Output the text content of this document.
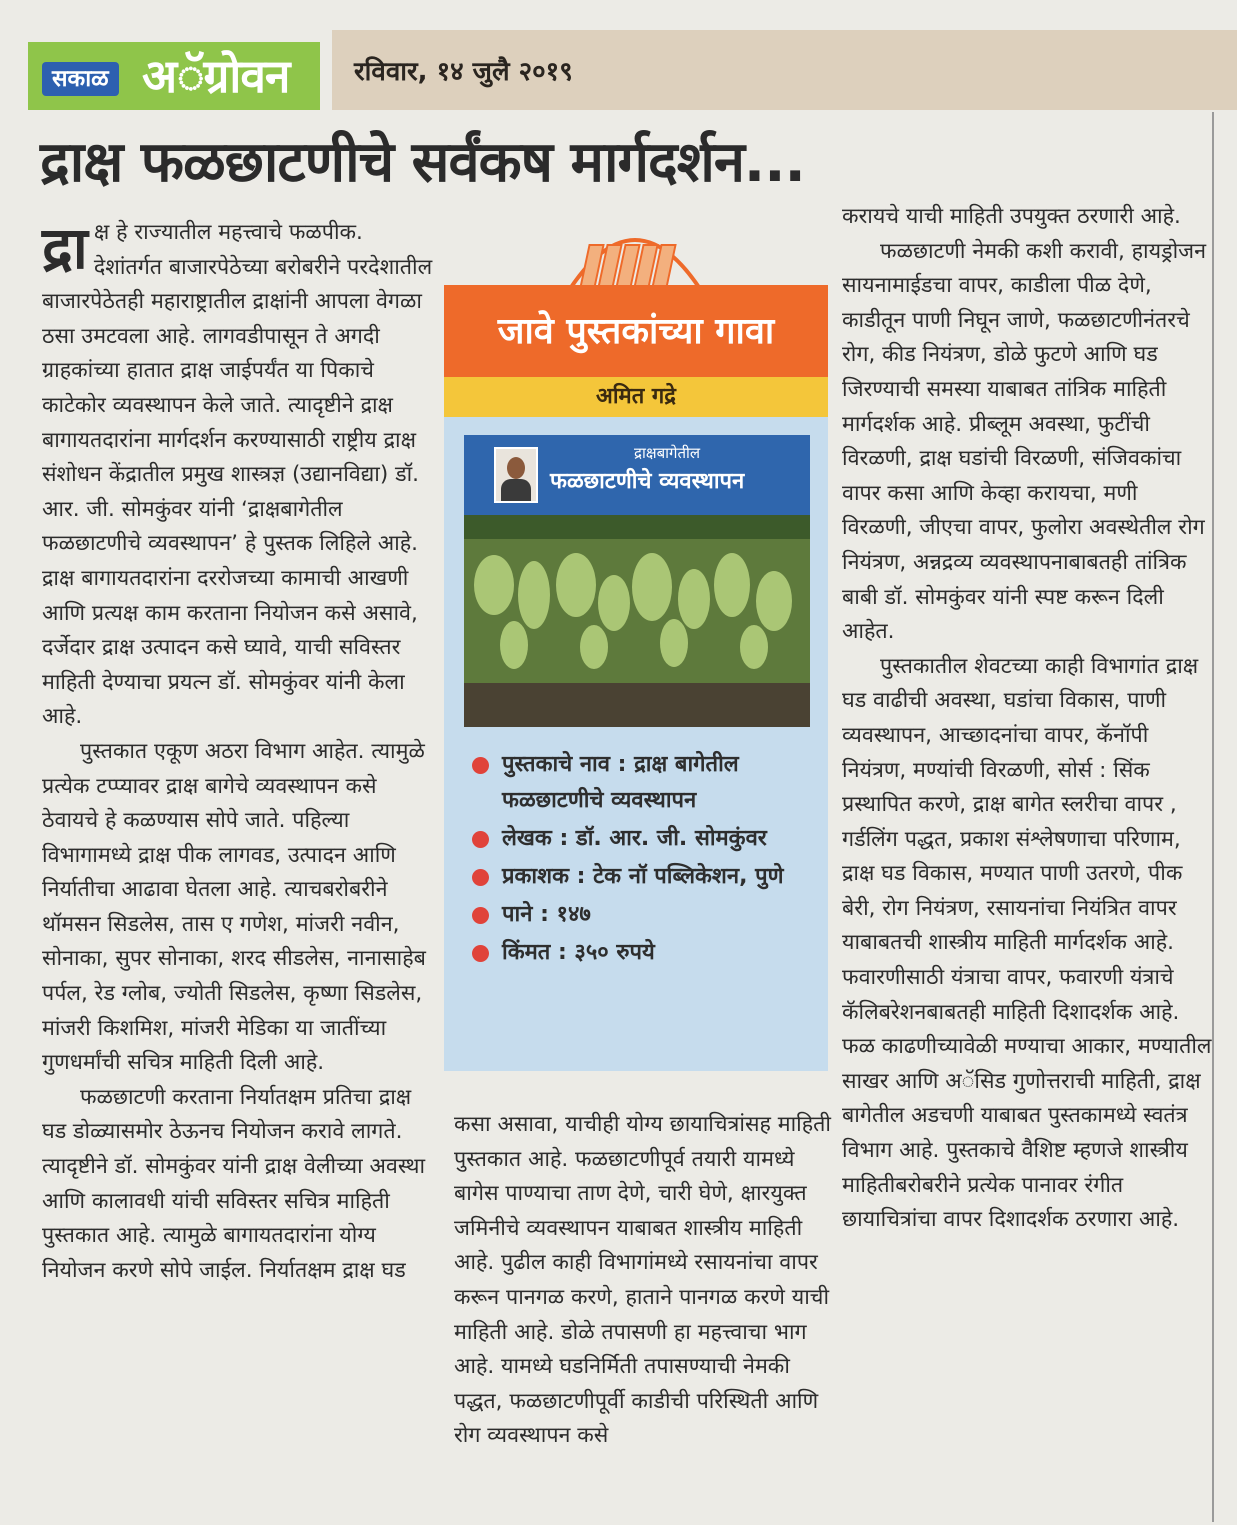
सकाळ अॅग्रोवन रविवार, १४ जुलै २०१९
द्राक्ष फळछाटणीचे सर्वंकष मार्गदर्शन...

द्रा क्ष हे राज्यातील महत्त्वाचे फळपीक. देशांतर्गत बाजारपेठेच्या बरोबरीने परदेशातील बाजारपेठेतही महाराष्ट्रातील द्राक्षांनी आपला वेगळा ठसा उमटवला आहे. लागवडीपासून ते अगदी ग्राहकांच्या हातात द्राक्ष जाईपर्यंत या पिकाचे काटेकोर व्यवस्थापन केले जाते. त्यादृष्टीने द्राक्ष बागायतदारांना मार्गदर्शन करण्यासाठी राष्ट्रीय द्राक्ष संशोधन केंद्रातील प्रमुख शास्त्रज्ञ (उद्यानविद्या) डॉ. आर. जी. सोमकुंवर यांनी ‘द्राक्षबागेतील फळछाटणीचे व्यवस्थापन’ हे पुस्तक लिहिले आहे. द्राक्ष बागायतदारांना दररोजच्या कामाची आखणी आणि प्रत्यक्ष काम करताना नियोजन कसे असावे, दर्जेदार द्राक्ष उत्पादन कसे घ्यावे, याची सविस्तर माहिती देण्याचा प्रयत्न डॉ. सोमकुंवर यांनी केला आहे.

पुस्तकात एकूण अठरा विभाग आहेत. त्यामुळे प्रत्येक टप्प्यावर द्राक्ष बागेचे व्यवस्थापन कसे ठेवायचे हे कळण्यास सोपे जाते. पहिल्या विभागामध्ये द्राक्ष पीक लागवड, उत्पादन आणि निर्यातीचा आढावा घेतला आहे. त्याचबरोबरीने थॉमसन सिडलेस, तास ए गणेश, मांजरी नवीन, सोनाका, सुपर सोनाका, शरद सीडलेस, नानासाहेब पर्पल, रेड ग्लोब, ज्योती सिडलेस, कृष्णा सिडलेस, मांजरी किशमिश, मांजरी मेडिका या जातींच्या गुणधर्मांची सचित्र माहिती दिली आहे.

फळछाटणी करताना निर्यातक्षम प्रतिचा द्राक्ष घड डोळ्यासमोर ठेऊनच नियोजन करावे लागते. त्यादृष्टीने डॉ. सोमकुंवर यांनी द्राक्ष वेलीच्या अवस्था आणि कालावधी यांची सविस्तर सचित्र माहिती पुस्तकात आहे. त्यामुळे बागायतदारांना योग्य नियोजन करणे सोपे जाईल. निर्यातक्षम द्राक्ष घड

जावे पुस्तकांच्या गावा
अमित गद्रे
द्राक्षबागेतील
फळछाटणीचे व्यवस्थापन
पुस्तकाचे नाव : द्राक्ष बागेतील फळछाटणीचे व्यवस्थापन
लेखक : डॉ. आर. जी. सोमकुंवर
प्रकाशक : टेक नॉ पब्लिकेशन, पुणे
पाने : १४७
किंमत : ३५० रुपये

कसा असावा, याचीही योग्य छायाचित्रांसह माहिती पुस्तकात आहे. फळछाटणीपूर्व तयारी यामध्ये बागेस पाण्याचा ताण देणे, चारी घेणे, क्षारयुक्त जमिनीचे व्यवस्थापन याबाबत शास्त्रीय माहिती आहे. पुढील काही विभागांमध्ये रसायनांचा वापर करून पानगळ करणे, हाताने पानगळ करणे याची माहिती आहे. डोळे तपासणी हा महत्त्वाचा भाग आहे. यामध्ये घडनिर्मिती तपासण्याची नेमकी पद्धत, फळछाटणीपूर्वी काडीची परिस्थिती आणि रोग व्यवस्थापन कसे

करायचे याची माहिती उपयुक्त ठरणारी आहे.

फळछाटणी नेमकी कशी करावी, हायड्रोजन सायनामाईडचा वापर, काडीला पीळ देणे, काडीतून पाणी निघून जाणे, फळछाटणीनंतरचे रोग, कीड नियंत्रण, डोळे फुटणे आणि घड जिरण्याची समस्या याबाबत तांत्रिक माहिती मार्गदर्शक आहे. प्रीब्लूम अवस्था, फुटींची विरळणी, द्राक्ष घडांची विरळणी, संजिवकांचा वापर कसा आणि केव्हा करायचा, मणी विरळणी, जीएचा वापर, फुलोरा अवस्थेतील रोग नियंत्रण, अन्नद्रव्य व्यवस्थापनाबाबतही तांत्रिक बाबी डॉ. सोमकुंवर यांनी स्पष्ट करून दिली आहेत.

पुस्तकातील शेवटच्या काही विभागांत द्राक्ष घड वाढीची अवस्था, घडांचा विकास, पाणी व्यवस्थापन, आच्छादनांचा वापर, कॅनॉपी नियंत्रण, मण्यांची विरळणी, सोर्स : सिंक प्रस्थापित करणे, द्राक्ष बागेत स्लरीचा वापर , गर्डलिंग पद्धत, प्रकाश संश्लेषणाचा परिणाम, द्राक्ष घड विकास, मण्यात पाणी उतरणे, पीक बेरी, रोग नियंत्रण, रसायनांचा नियंत्रित वापर याबाबतची शास्त्रीय माहिती मार्गदर्शक आहे. फवारणीसाठी यंत्राचा वापर, फवारणी यंत्राचे कॅलिबरेशनबाबतही माहिती दिशादर्शक आहे. फळ काढणीच्यावेळी मण्याचा आकार, मण्यातील साखर आणि अॅसिड गुणोत्तराची माहिती, द्राक्ष बागेतील अडचणी याबाबत पुस्तकामध्ये स्वतंत्र विभाग आहे. पुस्तकाचे वैशिष्ट म्हणजे शास्त्रीय माहितीबरोबरीने प्रत्येक पानावर रंगीत छायाचित्रांचा वापर दिशादर्शक ठरणारा आहे.
